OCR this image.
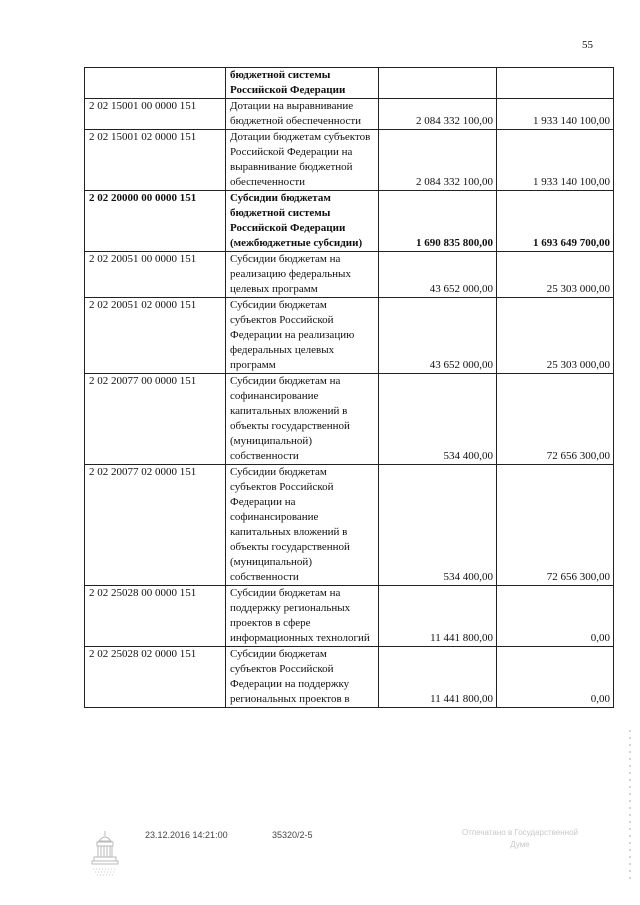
55
	бюджетной системы Российской Федерации		
2 02 15001 00 0000 151	Дотации на выравнивание бюджетной обеспеченности	2 084 332 100,00	1 933 140 100,00
2 02 15001 02 0000 151	Дотации бюджетам субъектов Российской Федерации на выравнивание бюджетной обеспеченности	2 084 332 100,00	1 933 140 100,00
2 02 20000 00 0000 151	Субсидии бюджетам бюджетной системы Российской Федерации (межбюджетные субсидии)	1 690 835 800,00	1 693 649 700,00
2 02 20051 00 0000 151	Субсидии бюджетам на реализацию федеральных целевых программ	43 652 000,00	25 303 000,00
2 02 20051 02 0000 151	Субсидии бюджетам субъектов Российской Федерации на реализацию федеральных целевых программ	43 652 000,00	25 303 000,00
2 02 20077 00 0000 151	Субсидии бюджетам на софинансирование капитальных вложений в объекты государственной (муниципальной) собственности	534 400,00	72 656 300,00
2 02 20077 02 0000 151	Субсидии бюджетам субъектов Российской Федерации на софинансирование капитальных вложений в объекты государственной (муниципальной) собственности	534 400,00	72 656 300,00
2 02 25028 00 0000 151	Субсидии бюджетам на поддержку региональных проектов в сфере информационных технологий	11 441 800,00	0,00
2 02 25028 02 0000 151	Субсидии бюджетам субъектов Российской Федерации на поддержку региональных проектов в	11 441 800,00	0,00
23.12.2016 14:21:00	35320/2-5	Отпечатано в Государственной
Думе
